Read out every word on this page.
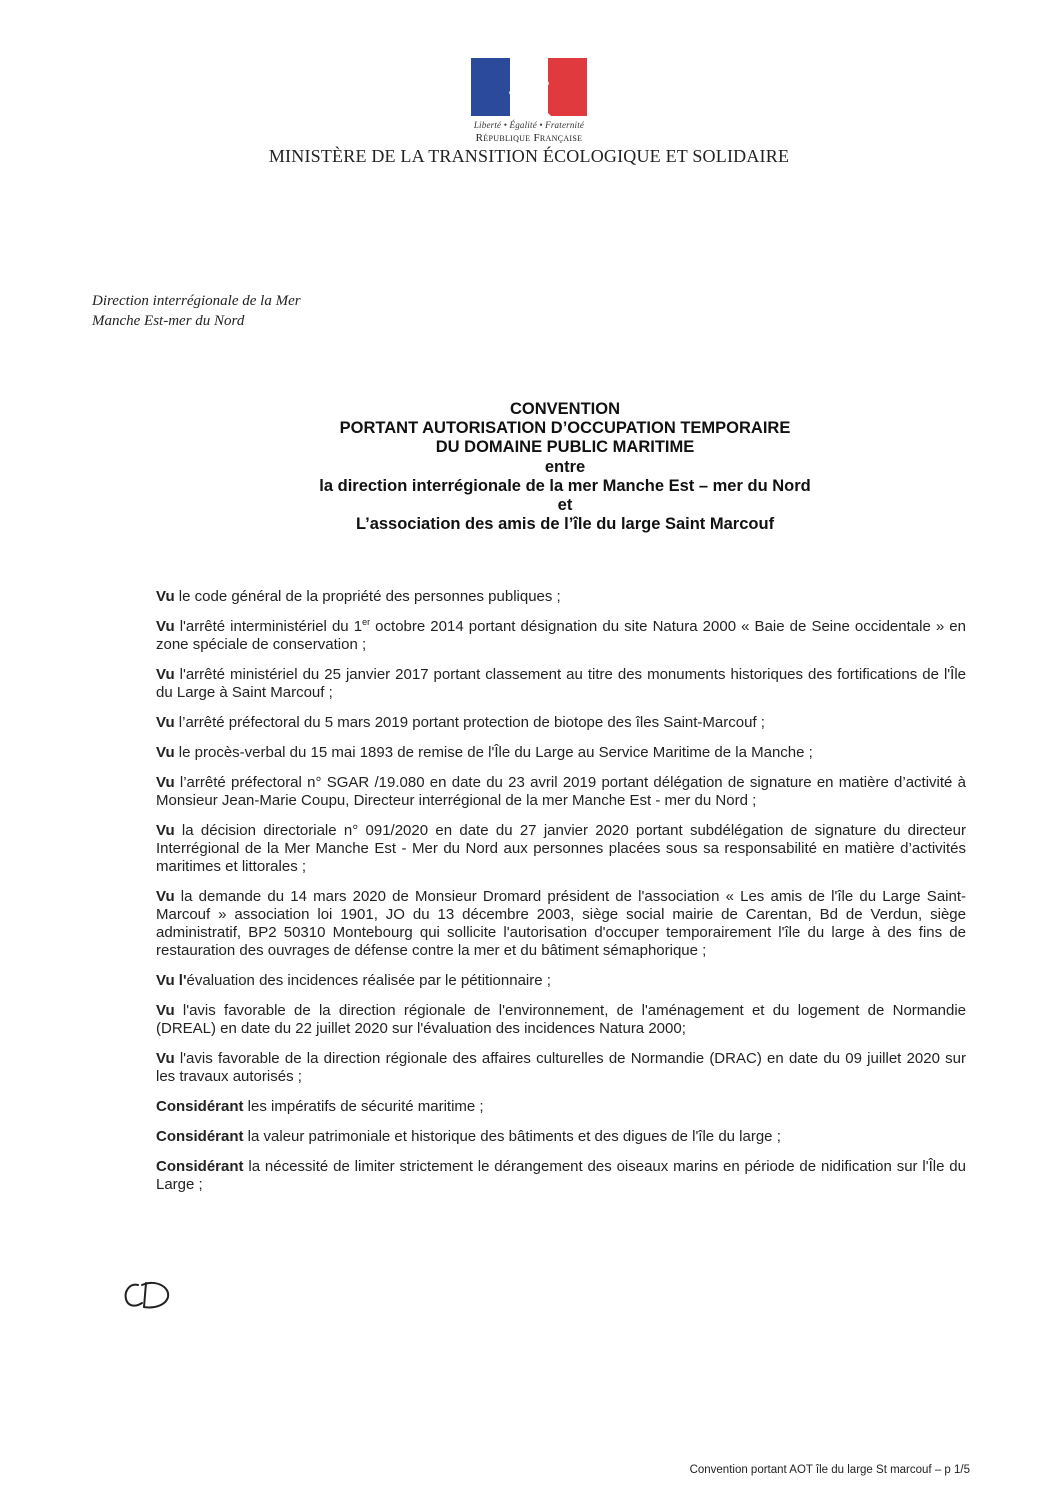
Liberté • Égalité • Fraternité
République Française
MINISTÈRE DE LA TRANSITION ÉCOLOGIQUE ET SOLIDAIRE
Direction interrégionale de la Mer
Manche Est-mer du Nord
CONVENTION
PORTANT AUTORISATION D’OCCUPATION TEMPORAIRE
DU DOMAINE PUBLIC MARITIME
entre
la direction interrégionale de la mer Manche Est – mer du Nord
et
L’association des amis de l’île du large Saint Marcouf

Vu le code général de la propriété des personnes publiques ;

Vu l'arrêté interministériel du 1er octobre 2014 portant désignation du site Natura 2000 « Baie de Seine occidentale » en zone spéciale de conservation ;

Vu l'arrêté ministériel du 25 janvier 2017 portant classement au titre des monuments historiques des fortifications de l'Île du Large à Saint Marcouf ;

Vu l’arrêté préfectoral du 5 mars 2019 portant protection de biotope des îles Saint-Marcouf ;

Vu le procès-verbal du 15 mai 1893 de remise de l'Île du Large au Service Maritime de la Manche ;

Vu l’arrêté préfectoral n° SGAR /19.080 en date du 23 avril 2019 portant délégation de signature en matière d’activité à Monsieur Jean-Marie Coupu, Directeur interrégional de la mer Manche Est - mer du Nord ;

Vu la décision directoriale n° 091/2020 en date du 27 janvier 2020 portant subdélégation de signature du directeur Interrégional de la Mer Manche Est - Mer du Nord aux personnes placées sous sa responsabilité en matière d’activités maritimes et littorales ;

Vu la demande du 14 mars 2020 de Monsieur Dromard président de l'association « Les amis de l'île du Large Saint-Marcouf » association loi 1901, JO du 13 décembre 2003, siège social mairie de Carentan, Bd de Verdun, siège administratif, BP2 50310 Montebourg qui sollicite l'autorisation d'occuper temporairement l'île du large à des fins de restauration des ouvrages de défense contre la mer et du bâtiment sémaphorique ;

Vu l'évaluation des incidences réalisée par le pétitionnaire ;

Vu l'avis favorable de la direction régionale de l'environnement, de l'aménagement et du logement de Normandie (DREAL) en date du 22 juillet 2020 sur l'évaluation des incidences Natura 2000;

Vu l'avis favorable de la direction régionale des affaires culturelles de Normandie (DRAC) en date du 09 juillet 2020 sur les travaux autorisés ;

Considérant les impératifs de sécurité maritime ;

Considérant la valeur patrimoniale et historique des bâtiments et des digues de l'île du large ;

Considérant la nécessité de limiter strictement le dérangement des oiseaux marins en période de nidification sur l'Île du Large ;

Convention portant AOT île du large St marcouf – p 1/5
